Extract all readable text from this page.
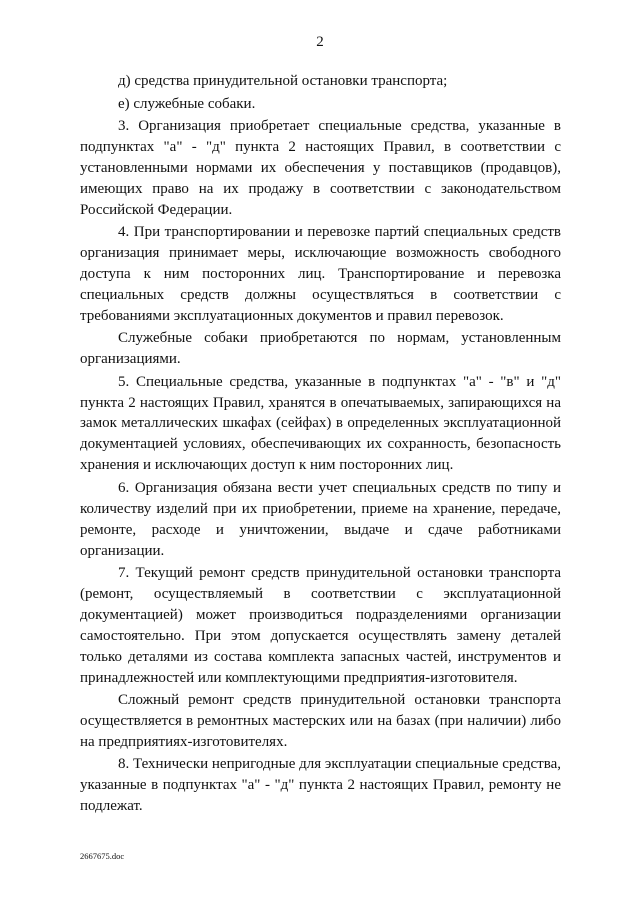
2

д) средства принудительной остановки транспорта;

е) служебные собаки.

3. Организация приобретает специальные средства, указанные в подпунктах "а" - "д" пункта 2 настоящих Правил, в соответствии с установленными нормами их обеспечения у поставщиков (продавцов), имеющих право на их продажу в соответствии с законодательством Российской Федерации.

4. При транспортировании и перевозке партий специальных средств организация принимает меры, исключающие возможность свободного доступа к ним посторонних лиц. Транспортирование и перевозка специальных средств должны осуществляться в соответствии с требованиями эксплуатационных документов и правил перевозок.

Служебные собаки приобретаются по нормам, установленным организациями.

5. Специальные средства, указанные в подпунктах "а" - "в" и "д" пункта 2 настоящих Правил, хранятся в опечатываемых, запирающихся на замок металлических шкафах (сейфах) в определенных эксплуатационной документацией условиях, обеспечивающих их сохранность, безопасность хранения и исключающих доступ к ним посторонних лиц.

6. Организация обязана вести учет специальных средств по типу и количеству изделий при их приобретении, приеме на хранение, передаче, ремонте, расходе и уничтожении, выдаче и сдаче работниками организации.

7. Текущий ремонт средств принудительной остановки транспорта (ремонт, осуществляемый в соответствии с эксплуатационной документацией) может производиться подразделениями организации самостоятельно. При этом допускается осуществлять замену деталей только деталями из состава комплекта запасных частей, инструментов и принадлежностей или комплектующими предприятия-изготовителя.

Сложный ремонт средств принудительной остановки транспорта осуществляется в ремонтных мастерских или на базах (при наличии) либо на предприятиях-изготовителях.

8. Технически непригодные для эксплуатации специальные средства, указанные в подпунктах "а" - "д" пункта 2 настоящих Правил, ремонту не подлежат.

2667675.doc
